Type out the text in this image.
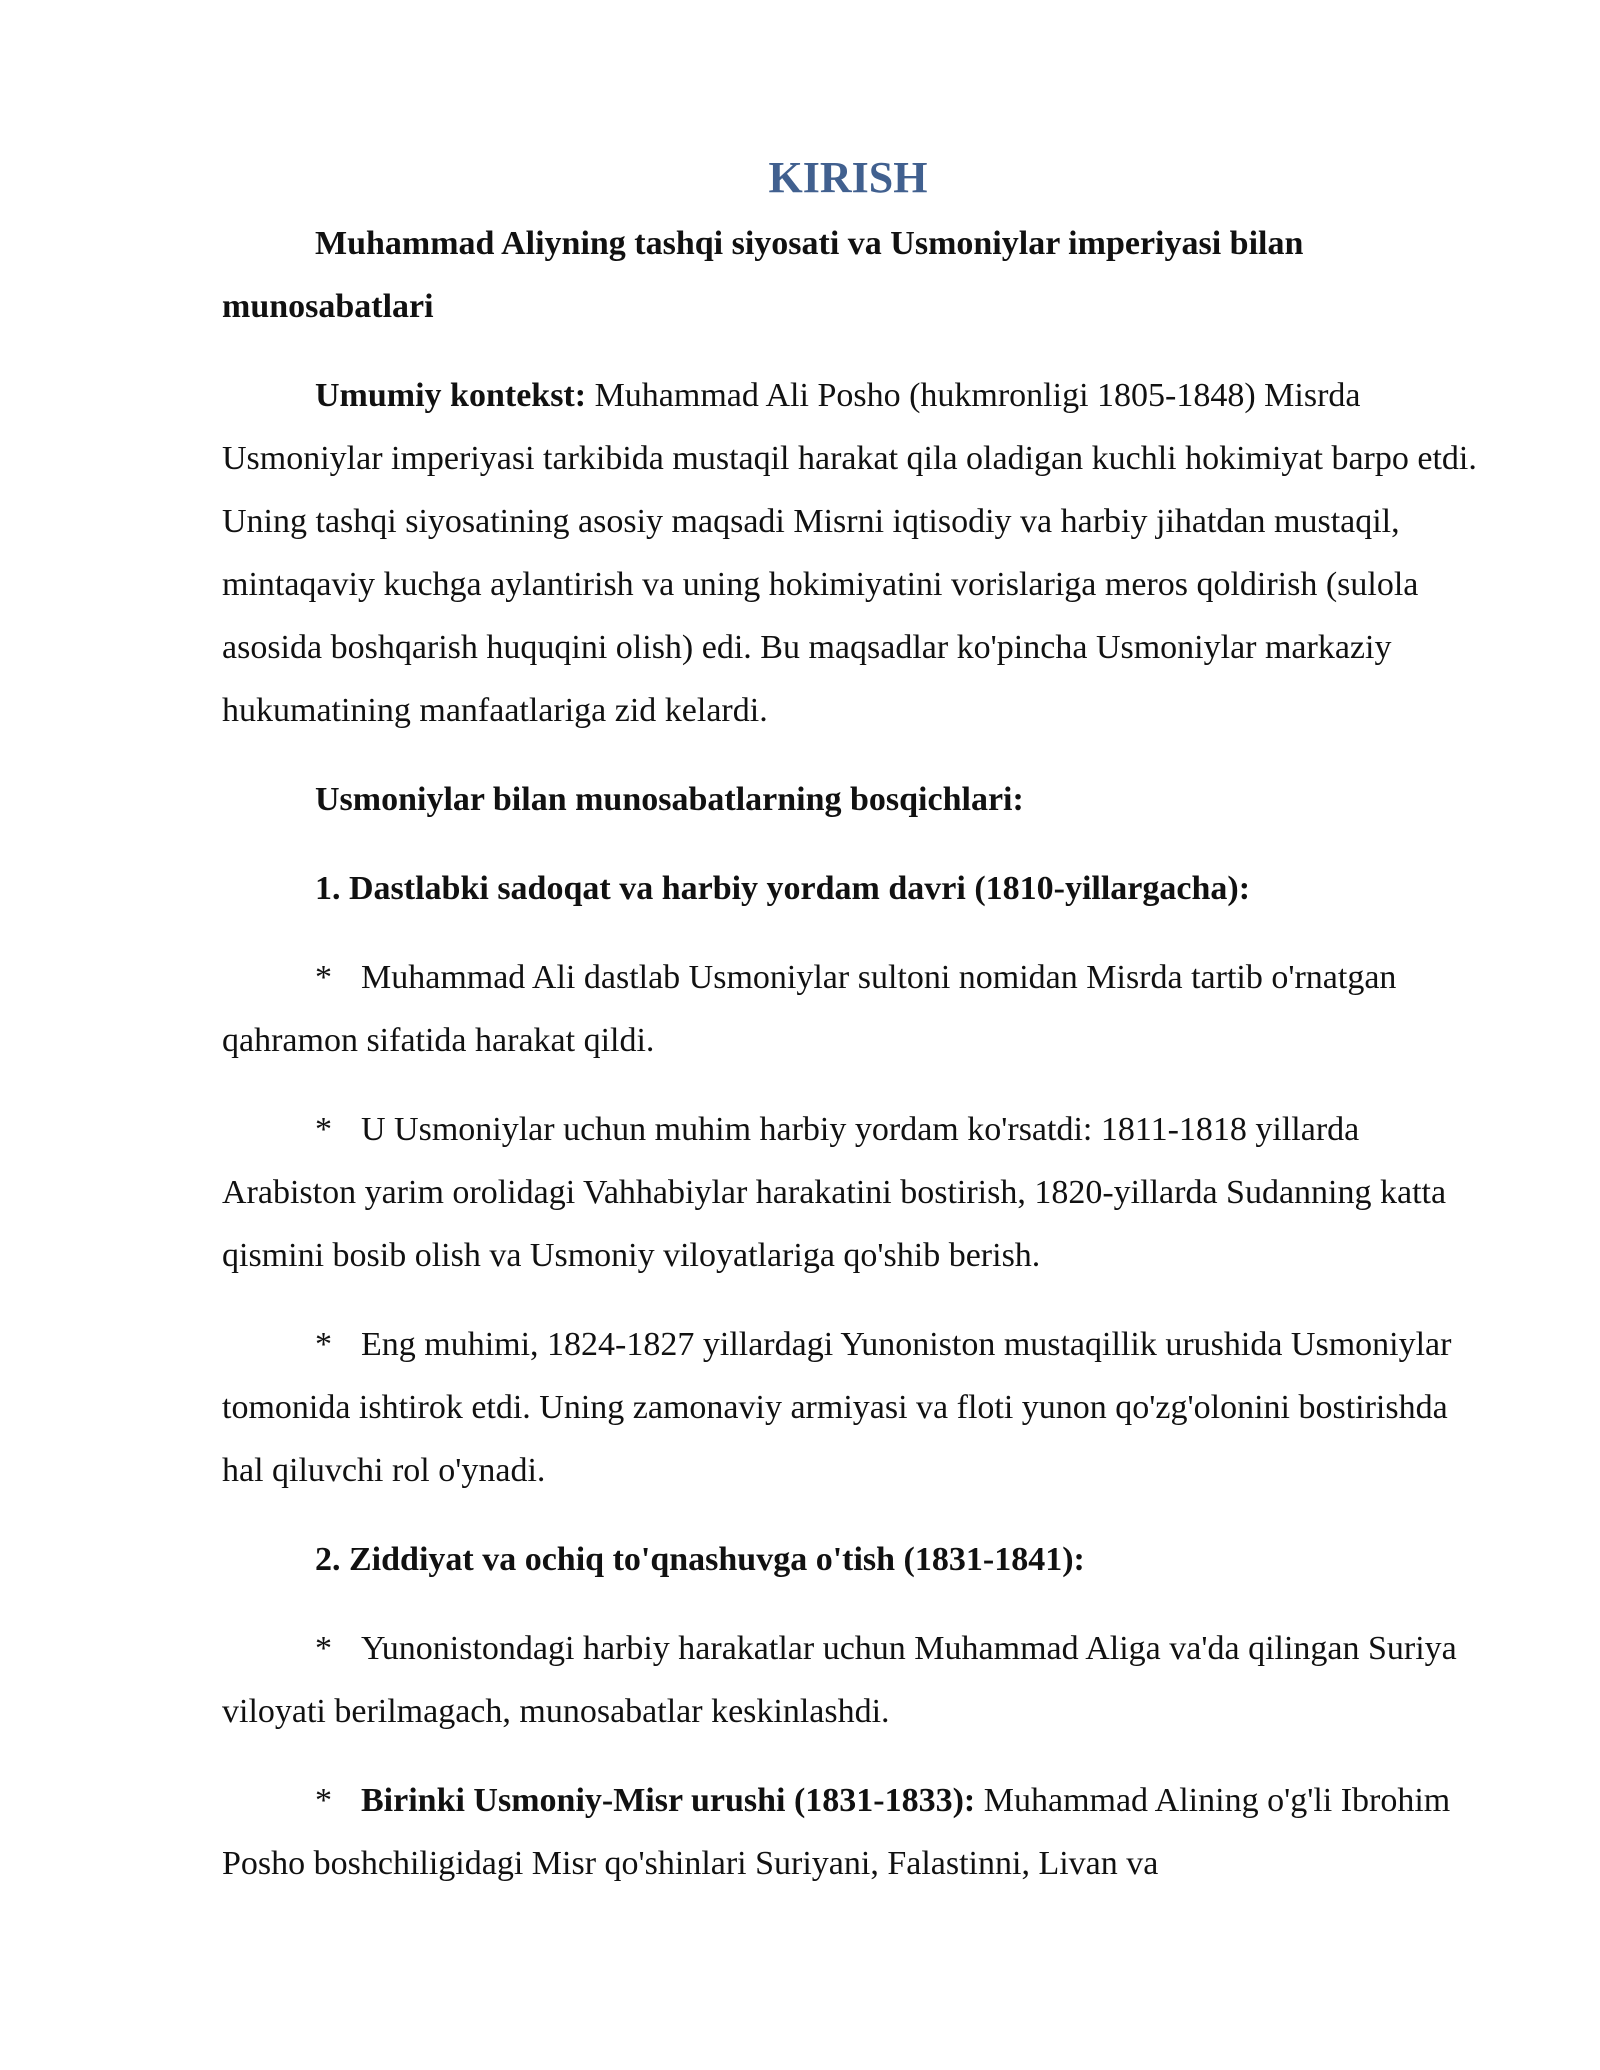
KIRISH

Muhammad Aliyning tashqi siyosati va Usmoniylar imperiyasi bilan munosabatlari

Umumiy kontekst: Muhammad Ali Posho (hukmronligi 1805-1848) Misrda Usmoniylar imperiyasi tarkibida mustaqil harakat qila oladigan kuchli hokimiyat barpo etdi. Uning tashqi siyosatining asosiy maqsadi Misrni iqtisodiy va harbiy jihatdan mustaqil, mintaqaviy kuchga aylantirish va uning hokimiyatini vorislariga meros qoldirish (sulola asosida boshqarish huquqini olish) edi. Bu maqsadlar ko'pincha Usmoniylar markaziy hukumatining manfaatlariga zid kelardi.

Usmoniylar bilan munosabatlarning bosqichlari:

1. Dastlabki sadoqat va harbiy yordam davri (1810-yillargacha):

* Muhammad Ali dastlab Usmoniylar sultoni nomidan Misrda tartib o'rnatgan qahramon sifatida harakat qildi.

* U Usmoniylar uchun muhim harbiy yordam ko'rsatdi: 1811-1818 yillarda Arabiston yarim orolidagi Vahhabiylar harakatini bostirish, 1820-yillarda Sudanning katta qismini bosib olish va Usmoniy viloyatlariga qo'shib berish.

* Eng muhimi, 1824-1827 yillardagi Yunoniston mustaqillik urushida Usmoniylar tomonida ishtirok etdi. Uning zamonaviy armiyasi va floti yunon qo'zg'olonini bostirishda hal qiluvchi rol o'ynadi.

2. Ziddiyat va ochiq to'qnashuvga o'tish (1831-1841):

* Yunonistondagi harbiy harakatlar uchun Muhammad Aliga va'da qilingan Suriya viloyati berilmagach, munosabatlar keskinlashdi.

* Birinki Usmoniy-Misr urushi (1831-1833): Muhammad Alining o'g'li Ibrohim Posho boshchiligidagi Misr qo'shinlari Suriyani, Falastinni, Livan va
